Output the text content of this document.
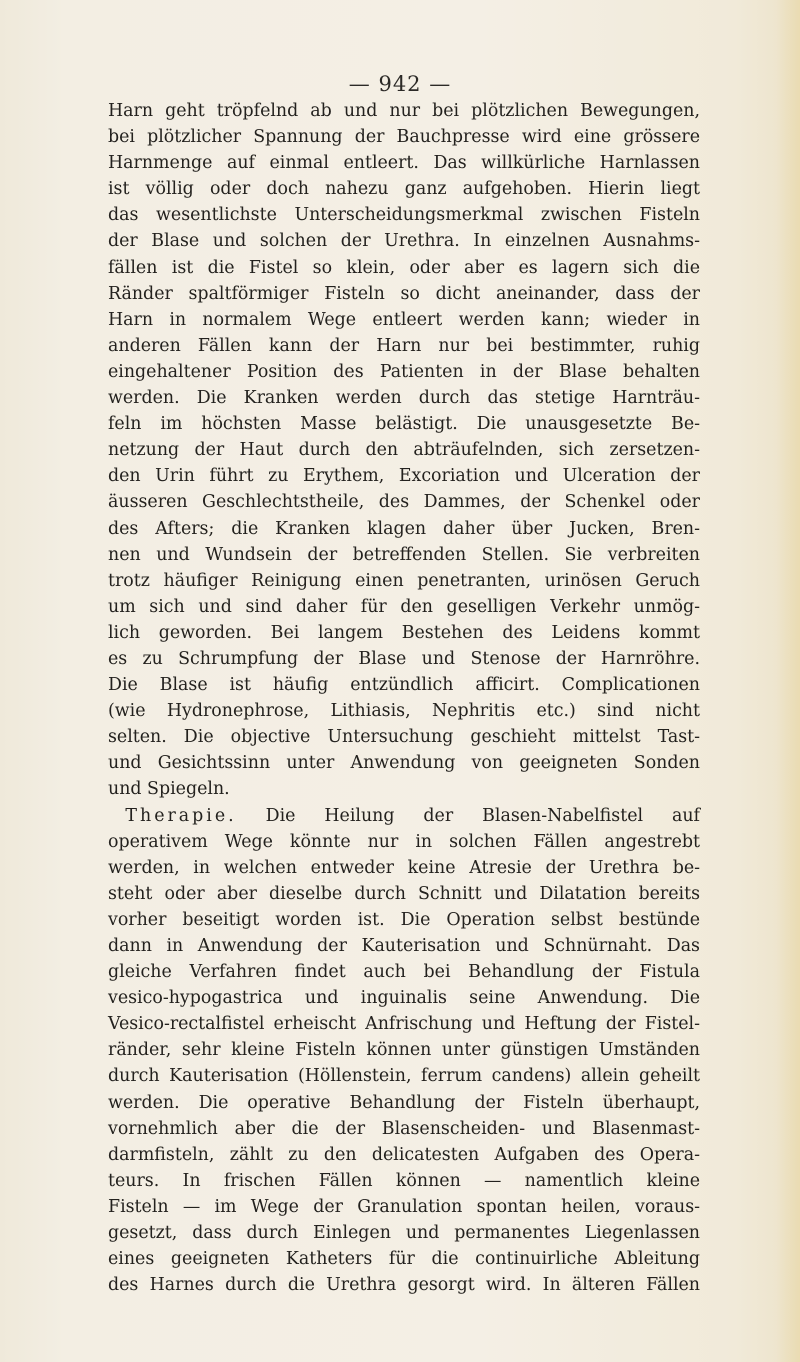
— 942 —

Harn geht tröpfelnd ab und nur bei plötzlichen Bewegungen,
bei plötzlicher Spannung der Bauchpresse wird eine grössere
Harnmenge auf einmal entleert. Das willkürliche Harnlassen
ist völlig oder doch nahezu ganz aufgehoben. Hierin liegt
das wesentlichste Unterscheidungsmerkmal zwischen Fisteln
der Blase und solchen der Urethra. In einzelnen Ausnahms-
fällen ist die Fistel so klein, oder aber es lagern sich die
Ränder spaltförmiger Fisteln so dicht aneinander, dass der
Harn in normalem Wege entleert werden kann; wieder in
anderen Fällen kann der Harn nur bei bestimmter, ruhig
eingehaltener Position des Patienten in der Blase behalten
werden. Die Kranken werden durch das stetige Harnträu-
feln im höchsten Masse belästigt. Die unausgesetzte Be-
netzung der Haut durch den abträufelnden, sich zersetzen-
den Urin führt zu Erythem, Excoriation und Ulceration der
äusseren Geschlechtstheile, des Dammes, der Schenkel oder
des Afters; die Kranken klagen daher über Jucken, Bren-
nen und Wundsein der betreffenden Stellen. Sie verbreiten
trotz häufiger Reinigung einen penetranten, urinösen Geruch
um sich und sind daher für den geselligen Verkehr unmög-
lich geworden. Bei langem Bestehen des Leidens kommt
es zu Schrumpfung der Blase und Stenose der Harnröhre.
Die Blase ist häufig entzündlich afficirt. Complicationen
(wie Hydronephrose, Lithiasis, Nephritis etc.) sind nicht
selten. Die objective Untersuchung geschieht mittelst Tast-
und Gesichtssinn unter Anwendung von geeigneten Sonden
und Spiegeln.
 Therapie. Die Heilung der Blasen-Nabelfistel auf
operativem Wege könnte nur in solchen Fällen angestrebt
werden, in welchen entweder keine Atresie der Urethra be-
steht oder aber dieselbe durch Schnitt und Dilatation bereits
vorher beseitigt worden ist. Die Operation selbst bestünde
dann in Anwendung der Kauterisation und Schnürnaht. Das
gleiche Verfahren findet auch bei Behandlung der Fistula
vesico-hypogastrica und inguinalis seine Anwendung. Die
Vesico-rectalfistel erheischt Anfrischung und Heftung der Fistel-
ränder, sehr kleine Fisteln können unter günstigen Umständen
durch Kauterisation (Höllenstein, ferrum candens) allein geheilt
werden. Die operative Behandlung der Fisteln überhaupt,
vornehmlich aber die der Blasenscheiden- und Blasenmast-
darmfisteln, zählt zu den delicatesten Aufgaben des Opera-
teurs. In frischen Fällen können — namentlich kleine
Fisteln — im Wege der Granulation spontan heilen, voraus-
gesetzt, dass durch Einlegen und permanentes Liegenlassen
eines geeigneten Katheters für die continuirliche Ableitung
des Harnes durch die Urethra gesorgt wird. In älteren Fällen
